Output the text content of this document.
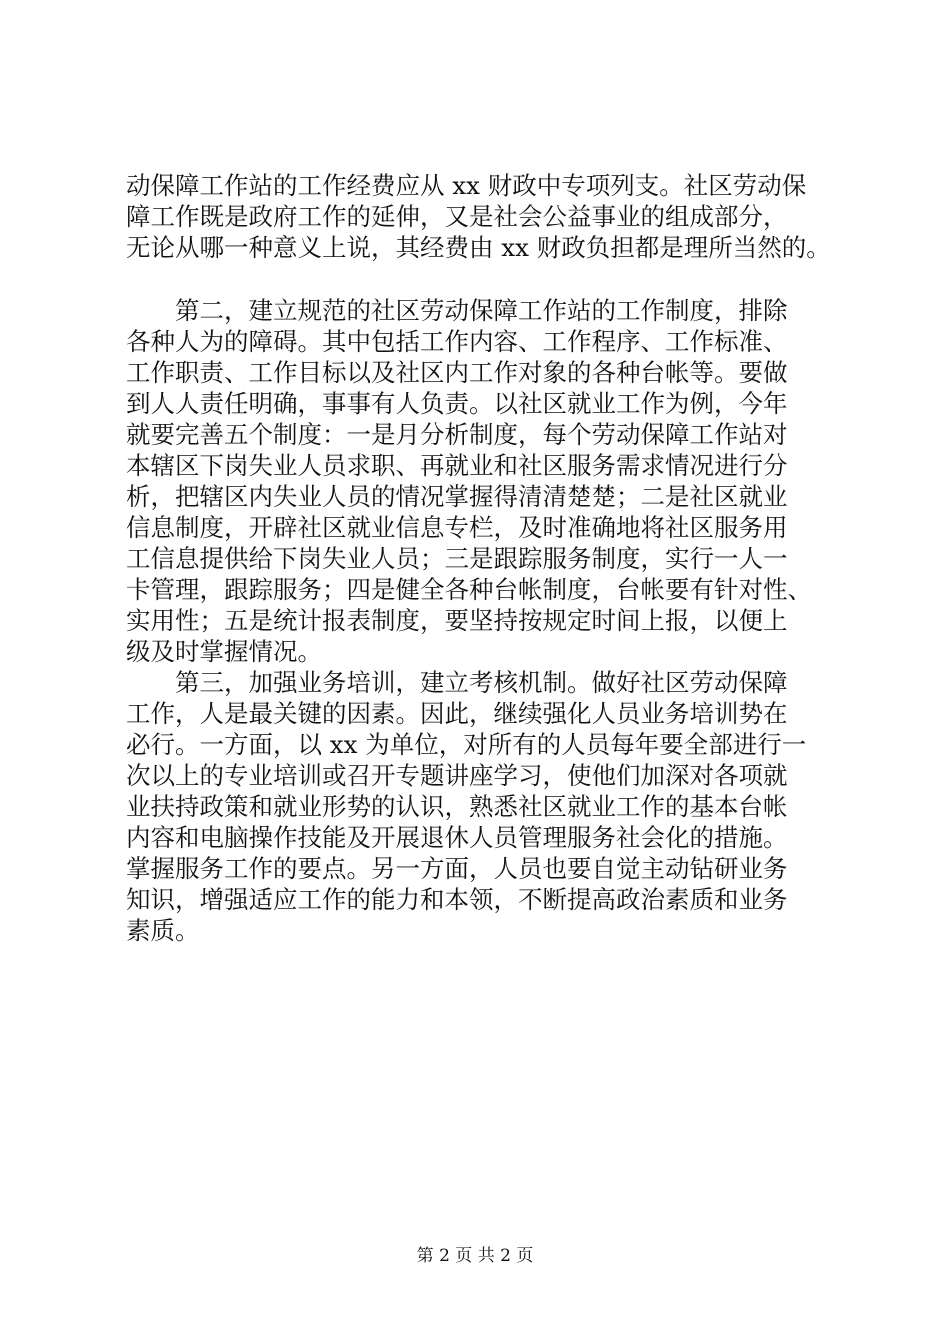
动保障工作站的工作经费应从 xx 财政中专项列支。社区劳动保
障工作既是政府工作的延伸，又是社会公益事业的组成部分，
无论从哪一种意义上说，其经费由 xx 财政负担都是理所当然的。

　　第二，建立规范的社区劳动保障工作站的工作制度，排除
各种人为的障碍。其中包括工作内容、工作程序、工作标准、
工作职责、工作目标以及社区内工作对象的各种台帐等。要做
到人人责任明确，事事有人负责。以社区就业工作为例，今年
就要完善五个制度：一是月分析制度，每个劳动保障工作站对
本辖区下岗失业人员求职、再就业和社区服务需求情况进行分
析，把辖区内失业人员的情况掌握得清清楚楚；二是社区就业
信息制度，开辟社区就业信息专栏，及时准确地将社区服务用
工信息提供给下岗失业人员；三是跟踪服务制度，实行一人一
卡管理，跟踪服务；四是健全各种台帐制度，台帐要有针对性、
实用性；五是统计报表制度，要坚持按规定时间上报，以便上
级及时掌握情况。

　　第三，加强业务培训，建立考核机制。做好社区劳动保障
工作，人是最关键的因素。因此，继续强化人员业务培训势在
必行。一方面，以 xx 为单位，对所有的人员每年要全部进行一
次以上的专业培训或召开专题讲座学习，使他们加深对各项就
业扶持政策和就业形势的认识，熟悉社区就业工作的基本台帐
内容和电脑操作技能及开展退休人员管理服务社会化的措施。
掌握服务工作的要点。另一方面，人员也要自觉主动钻研业务
知识，增强适应工作的能力和本领，不断提高政治素质和业务
素质。

第 2 页 共 2 页
